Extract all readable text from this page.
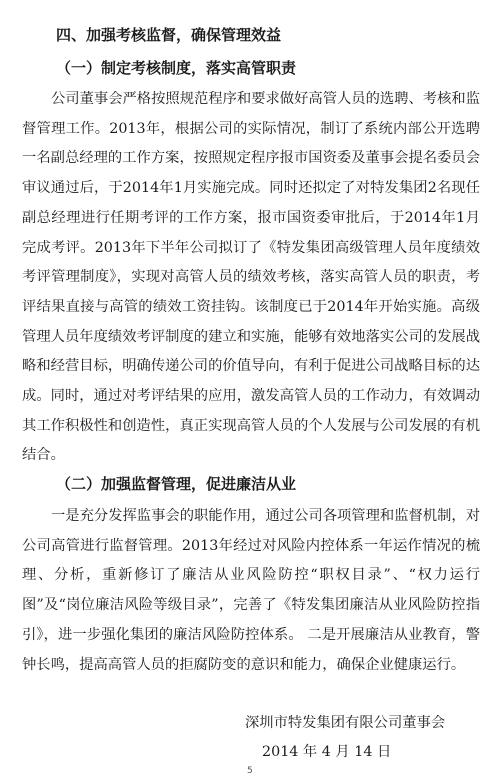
四、加强考核监督，确保管理效益
（一）制定考核制度，落实高管职责

公司董事会严格按照规范程序和要求做好高管人员的选聘、考核和监督管理工作。2013年，根据公司的实际情况，制订了系统内部公开选聘一名副总经理的工作方案，按照规定程序报市国资委及董事会提名委员会审议通过后，于2014年1月实施完成。同时还拟定了对特发集团2名现任副总经理进行任期考评的工作方案，报市国资委审批后，于2014年1月完成考评。2013年下半年公司拟订了《特发集团高级管理人员年度绩效考评管理制度》，实现对高管人员的绩效考核，落实高管人员的职责，考评结果直接与高管的绩效工资挂钩。该制度已于2014年开始实施。高级管理人员年度绩效考评制度的建立和实施，能够有效地落实公司的发展战略和经营目标，明确传递公司的价值导向，有利于促进公司战略目标的达成。同时，通过对考评结果的应用，激发高管人员的工作动力，有效调动其工作积极性和创造性，真正实现高管人员的个人发展与公司发展的有机结合。

（二）加强监督管理，促进廉洁从业

一是充分发挥监事会的职能作用，通过公司各项管理和监督机制，对公司高管进行监督管理。2013年经过对风险内控体系一年运作情况的梳理、分析，重新修订了廉洁从业风险防控“职权目录”、“权力运行图”及“岗位廉洁风险等级目录”，完善了《特发集团廉洁从业风险防控指引》，进一步强化集团的廉洁风险防控体系。 二是开展廉洁从业教育，警钟长鸣，提高高管人员的拒腐防变的意识和能力，确保企业健康运行。

深圳市特发集团有限公司董事会
2014 年 4 月 14 日
5
